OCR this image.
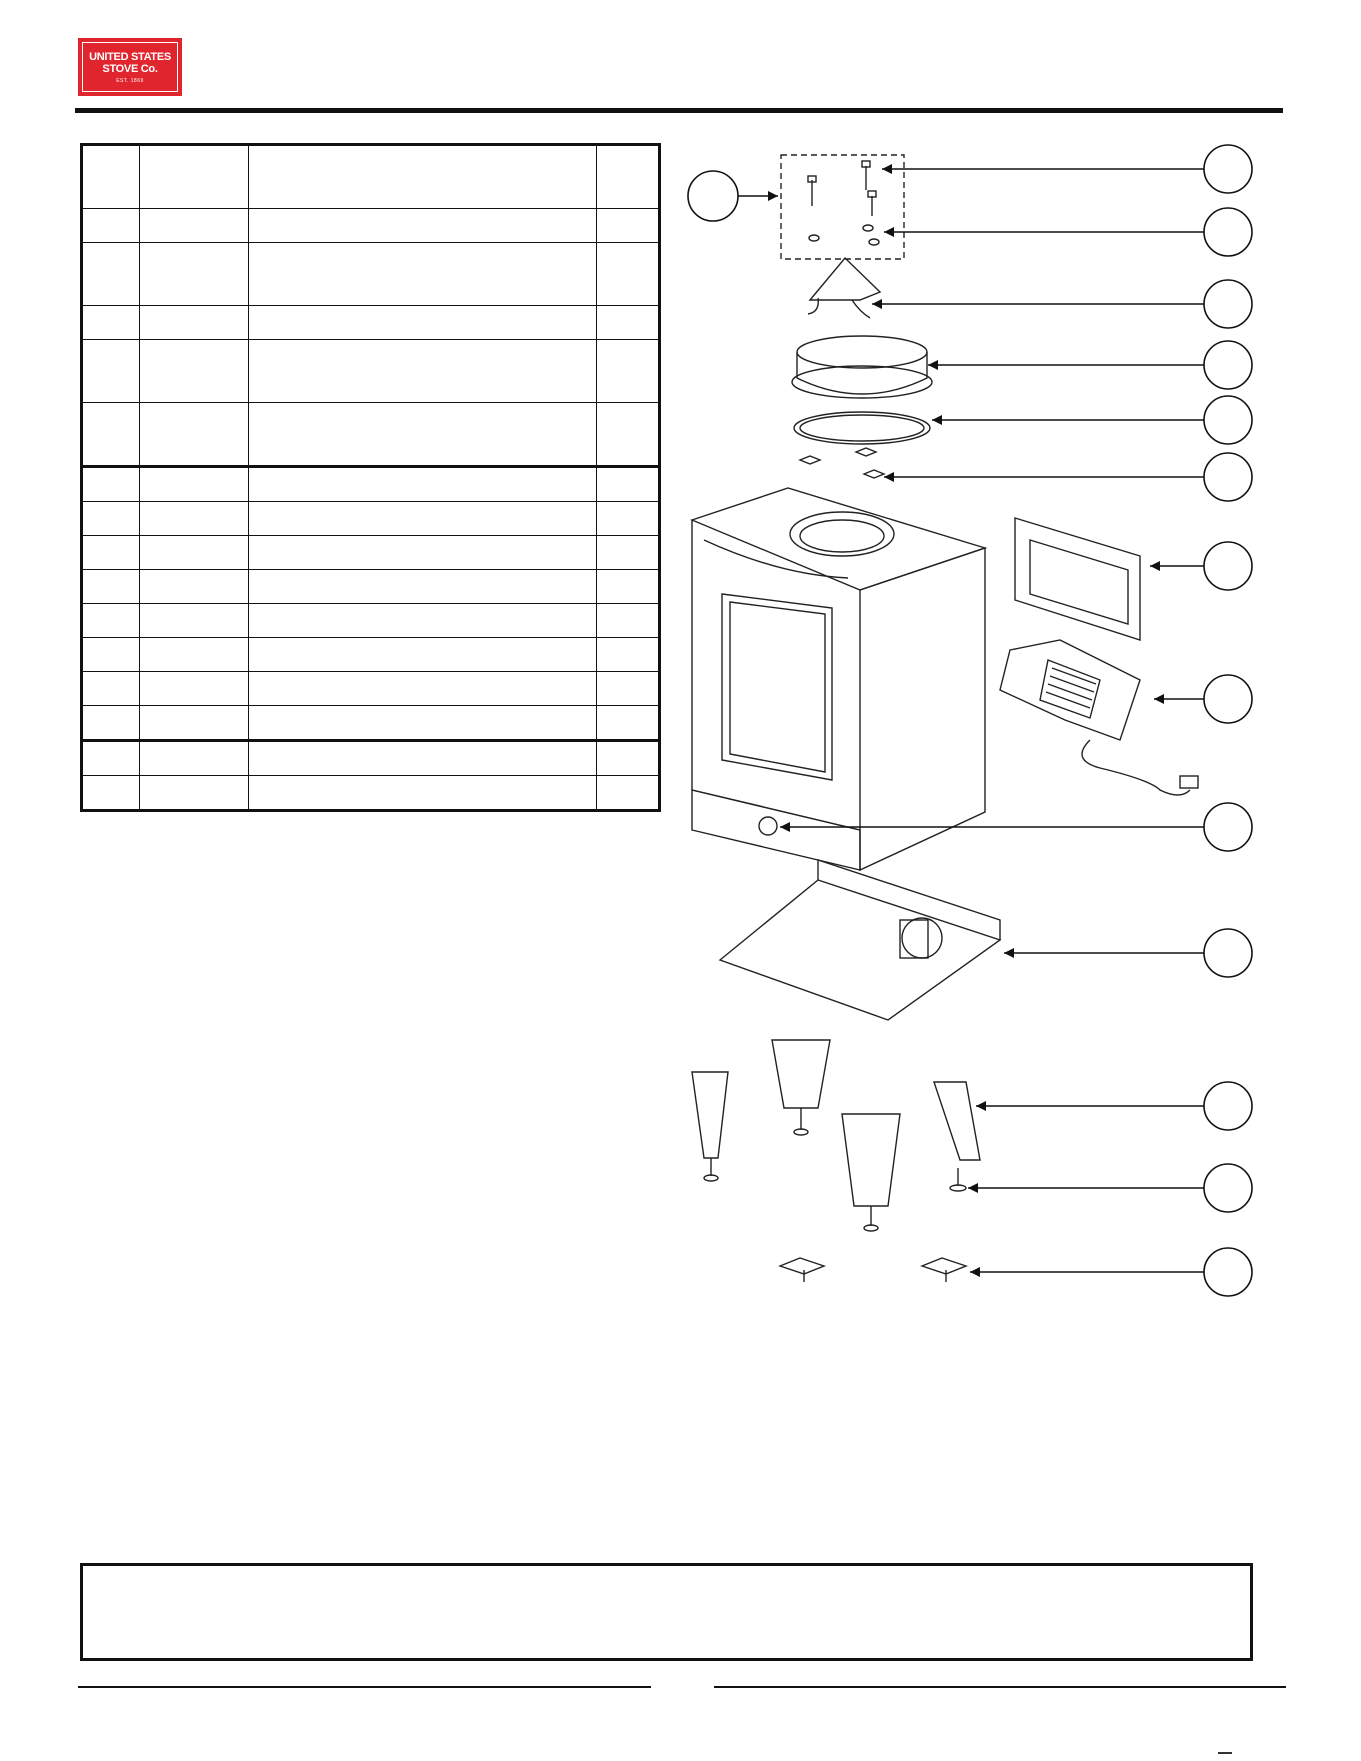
UNITED STATES
STOVE Co.
EST. 1869
